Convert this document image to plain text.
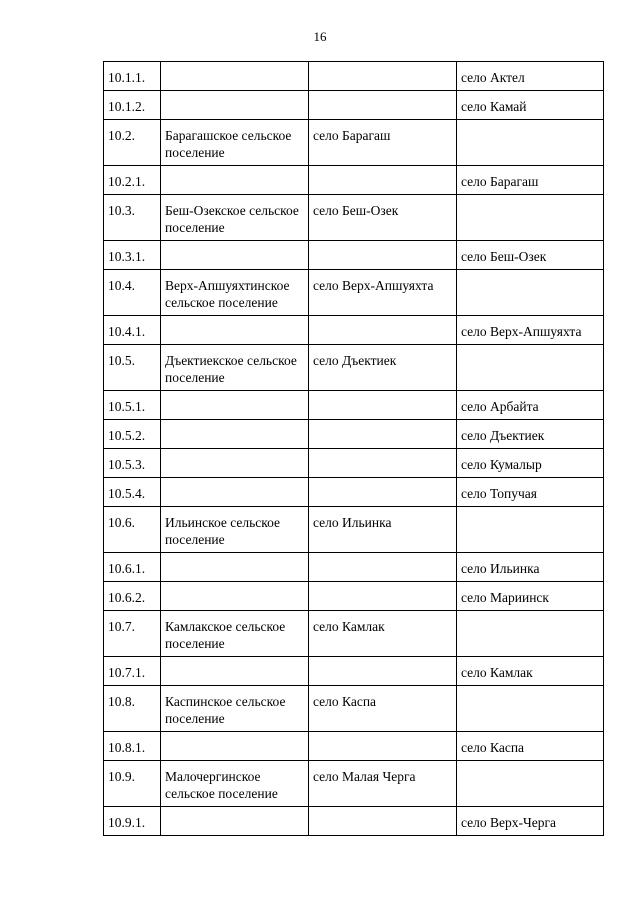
16
10.1.1.			село Актел
10.1.2.			село Камай
10.2.	Барагашское сельское поселение	село Барагаш	
10.2.1.			село Барагаш
10.3.	Беш-Озекское сельское поселение	село Беш-Озек	
10.3.1.			село Беш-Озек
10.4.	Верх-Апшуяхтинское сельское поселение	село Верх-Апшуяхта	
10.4.1.			село Верх-Апшуяхта
10.5.	Дъектиекское сельское поселение	село Дъектиек	
10.5.1.			село Арбайта
10.5.2.			село Дъектиек
10.5.3.			село Кумалыр
10.5.4.			село Топучая
10.6.	Ильинское сельское поселение	село Ильинка	
10.6.1.			село Ильинка
10.6.2.			село Мариинск
10.7.	Камлакское сельское поселение	село Камлак	
10.7.1.			село Камлак
10.8.	Каспинское сельское поселение	село Каспа	
10.8.1.			село Каспа
10.9.	Малочергинское сельское поселение	село Малая Черга	
10.9.1.			село Верх-Черга
